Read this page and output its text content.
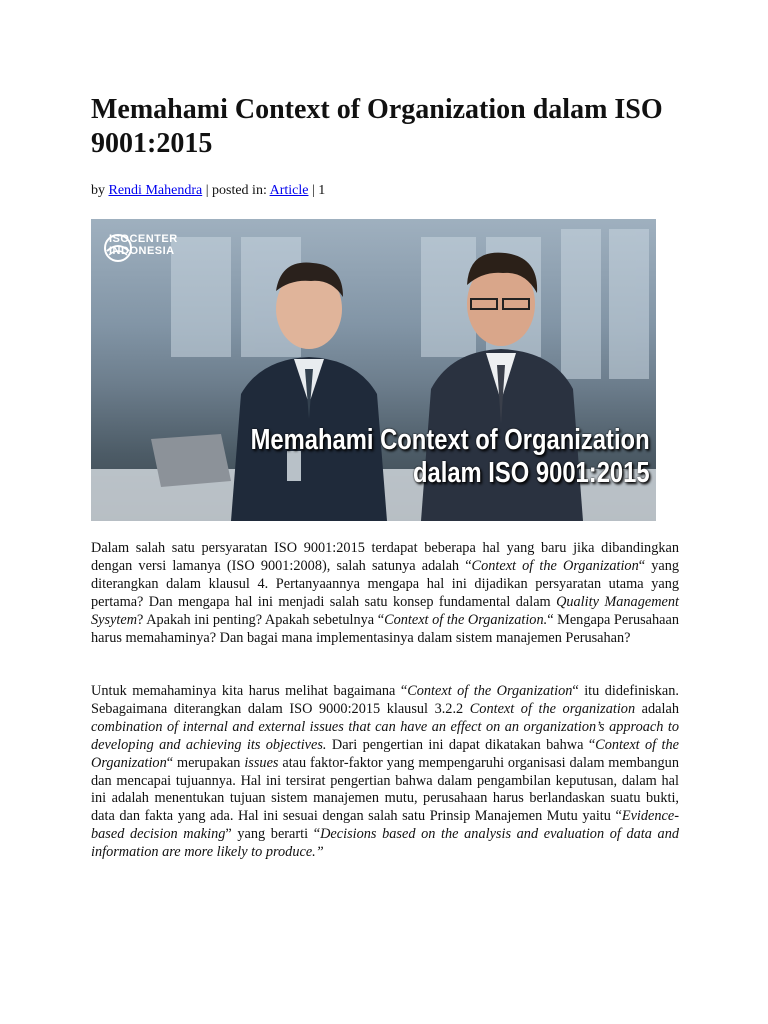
Memahami Context of Organization dalam ISO 9001:2015
by Rendi Mahendra | posted in: Article | 1
ISOCENTER
INDONESIA
Memahami Context of Organization
dalam ISO 9001:2015

Dalam salah satu persyaratan ISO 9001:2015 terdapat beberapa hal yang baru jika dibandingkan dengan versi lamanya (ISO 9001:2008), salah satunya adalah “Context of the Organization“ yang diterangkan dalam klausul 4. Pertanyaannya mengapa hal ini dijadikan persyaratan utama yang pertama? Dan mengapa hal ini menjadi salah satu konsep fundamental dalam Quality Management Sysytem? Apakah ini penting? Apakah sebetulnya “Context of the Organization.“ Mengapa Perusahaan harus memahaminya? Dan bagai mana implementasinya dalam sistem manajemen Perusahan?

Untuk memahaminya kita harus melihat bagaimana “Context of the Organization“ itu didefiniskan. Sebagaimana diterangkan dalam ISO 9000:2015 klausul 3.2.2 Context of the organization adalah combination of internal and external issues that can have an effect on an organization’s approach to developing and achieving its objectives. Dari pengertian ini dapat dikatakan bahwa “Context of the Organization“ merupakan issues atau faktor-faktor yang mempengaruhi organisasi dalam membangun dan mencapai tujuannya. Hal ini tersirat pengertian bahwa dalam pengambilan keputusan, dalam hal ini adalah menentukan tujuan sistem manajemen mutu, perusahaan harus berlandaskan suatu bukti, data dan fakta yang ada. Hal ini sesuai dengan salah satu Prinsip Manajemen Mutu yaitu “Evidence-based decision making” yang berarti “Decisions based on the analysis and evaluation of data and information are more likely to produce.”
